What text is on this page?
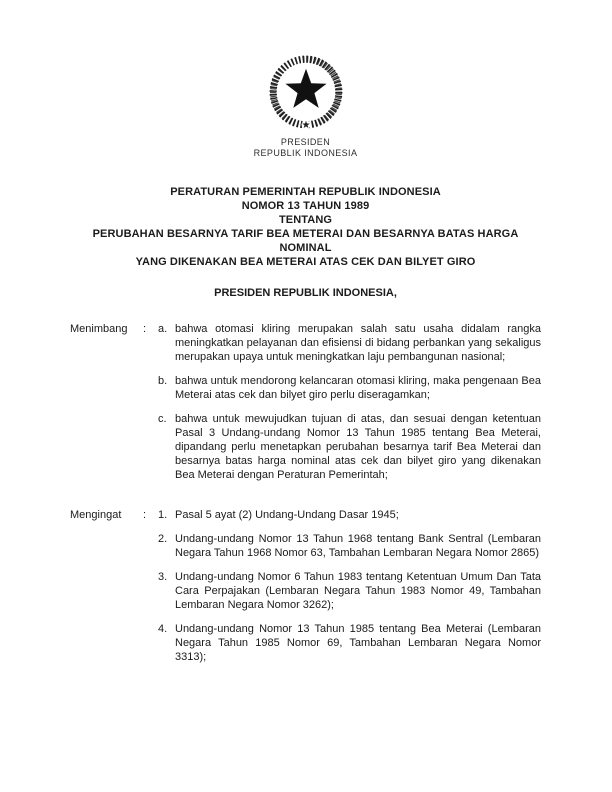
PRESIDEN
REPUBLIK INDONESIA
PERATURAN PEMERINTAH REPUBLIK INDONESIA
NOMOR 13 TAHUN 1989
TENTANG
PERUBAHAN BESARNYA TARIF BEA METERAI DAN BESARNYA BATAS HARGA NOMINAL
YANG DIKENAKAN BEA METERAI ATAS CEK DAN BILYET GIRO
PRESIDEN REPUBLIK INDONESIA,
Menimbang	:	a. bahwa otomasi kliring merupakan salah satu usaha didalam rangka meningkatkan pelayanan dan efisiensi di bidang perbankan yang sekaligus merupakan upaya untuk meningkatkan laju pembangunan nasional;
b. bahwa untuk mendorong kelancaran otomasi kliring, maka pengenaan Bea Meterai atas cek dan bilyet giro perlu diseragamkan;
c. bahwa untuk mewujudkan tujuan di atas, dan sesuai dengan ketentuan Pasal 3 Undang-undang Nomor 13 Tahun 1985 tentang Bea Meterai, dipandang perlu menetapkan perubahan besarnya tarif Bea Meterai dan besarnya batas harga nominal atas cek dan bilyet giro yang dikenakan Bea Meterai dengan Peraturan Pemerintah;
Mengingat	:	1. Pasal 5 ayat (2) Undang-Undang Dasar 1945;
2. Undang-undang Nomor 13 Tahun 1968 tentang Bank Sentral (Lembaran Negara Tahun 1968 Nomor 63, Tambahan Lembaran Negara Nomor 2865)
3. Undang-undang Nomor 6 Tahun 1983 tentang Ketentuan Umum Dan Tata Cara Perpajakan (Lembaran Negara Tahun 1983 Nomor 49, Tambahan Lembaran Negara Nomor 3262);
4. Undang-undang Nomor 13 Tahun 1985 tentang Bea Meterai (Lembaran Negara Tahun 1985 Nomor 69, Tambahan Lembaran Negara Nomor 3313);
